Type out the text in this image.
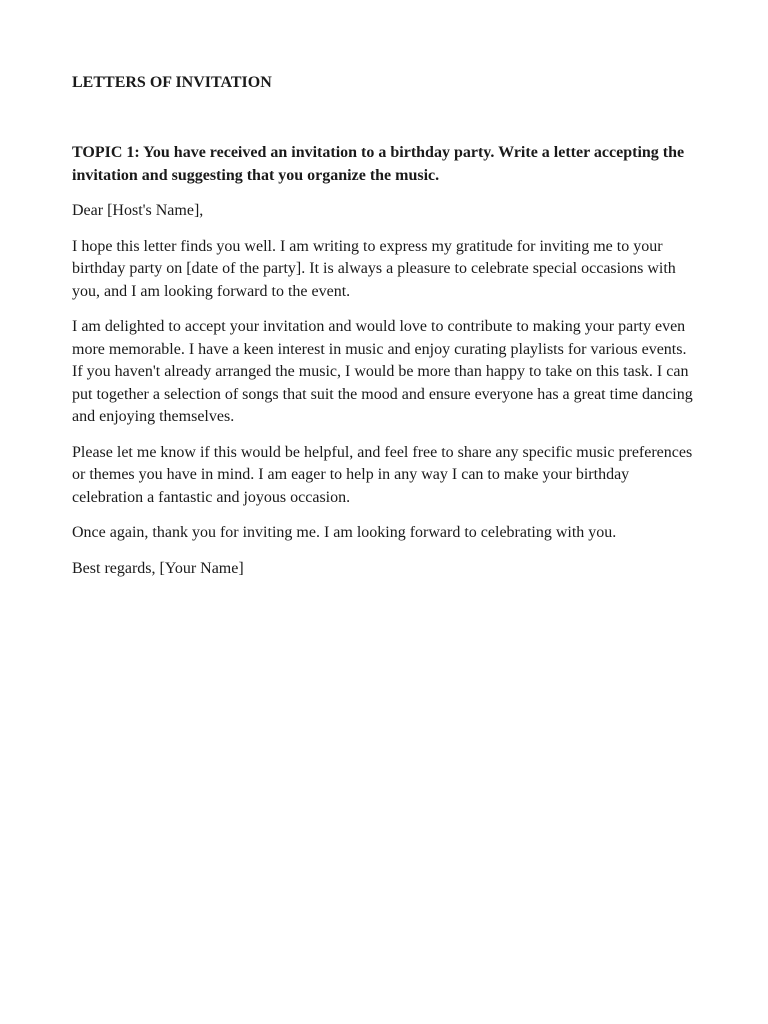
LETTERS OF INVITATION

TOPIC 1: You have received an invitation to a birthday party. Write a letter accepting the invitation and suggesting that you organize the music.

Dear [Host's Name],

I hope this letter finds you well. I am writing to express my gratitude for inviting me to your birthday party on [date of the party]. It is always a pleasure to celebrate special occasions with you, and I am looking forward to the event.

I am delighted to accept your invitation and would love to contribute to making your party even more memorable. I have a keen interest in music and enjoy curating playlists for various events. If you haven't already arranged the music, I would be more than happy to take on this task. I can put together a selection of songs that suit the mood and ensure everyone has a great time dancing and enjoying themselves.

Please let me know if this would be helpful, and feel free to share any specific music preferences or themes you have in mind. I am eager to help in any way I can to make your birthday celebration a fantastic and joyous occasion.

Once again, thank you for inviting me. I am looking forward to celebrating with you.

Best regards, [Your Name]
